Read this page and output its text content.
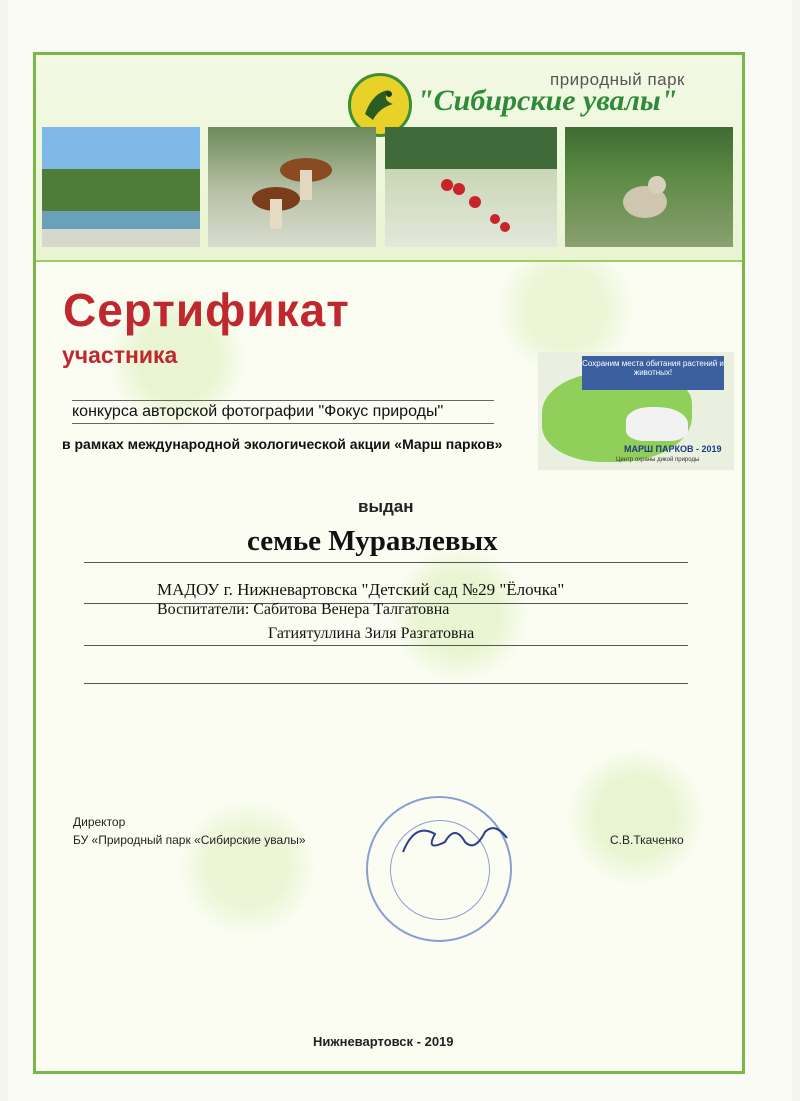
природный парк
"Сибирские увалы"
Сертификат
участника
конкурса авторской фотографии "Фокус природы"
в рамках международной экологической акции «Марш парков»
Сохраним места обитания растений и животных!
МАРШ ПАРКОВ - 2019
Центр охраны дикой природы
выдан
семье Муравлевых
МАДОУ г. Нижневартовска "Детский сад №29 "Ёлочка"
Воспитатели: Сабитова Венера Талгатовна
Гатиятуллина Зиля Разгатовна
Директор
БУ «Природный парк «Сибирские увалы»	С.В.Ткаченко
Нижневартовск - 2019
